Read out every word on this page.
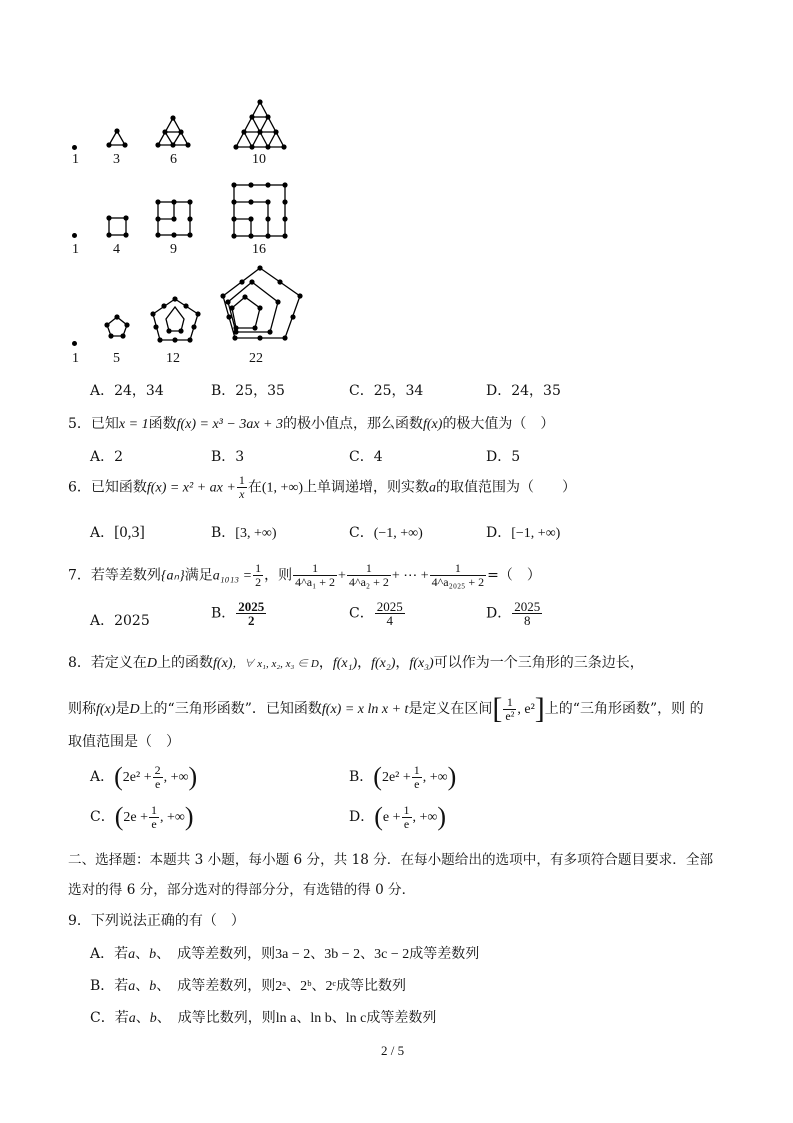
1 3	6	10
1 4	9	16
1 5	12	22
A．24，34	B．25，35	C．25，34	D．24，35
5．已知x = 1函数f(x) = x³ − 3ax + 3的极小值点，那么函数f(x)的极大值为（　）
A．2	B．3	C．4	D．5
6．已知函数f(x) = x² + ax + $\frac{1}{x}$ 在(1, +∞)上单调递增，则实数a的取值范围为（　　）
A．[0,3]	B．[3, +∞)	C．(−1, +∞)	D．[−1, +∞)
7．若等差数列{aₙ}满足$a_{1013} = \frac{1}{2}$ ，则 $\frac{1}{\text{4\textasciicircum{}a₁ + 2}} + \frac{1}{\text{4\textasciicircum{}a₂ + 2}}$ + ⋯ + $\frac{1}{\text{4\textasciicircum{}a₂₀₂₅ + 2}}$ =（　）
A．2025	B． $\frac{2025}{2}$	C． $\frac{2025}{4}$	D． $\frac{2025}{8}$
8．若定义在D上的函数f(x)，∀ x₁, x₂, x₃ ∈ D，f(x₁)，f(x₂)，f(x₃)可以作为一个三角形的三条边长，
则称f(x)是D上的“三角形函数”．已知函数f(x) = x ln x + t是定义在区间[ $\frac{1}{\text{e²}}$ , e²]上的“三角形函数”，则 的
取值范围是（　）
A．($2e^2 + \frac{2}{e}$ , +∞)	B．($2e^2 + \frac{1}{e}$ , +∞)
C．($2e + \frac{1}{e}$ , +∞)	D．($e + \frac{1}{e}$ , +∞)
二、选择题：本题共 3 小题，每小题 6 分，共 18 分．在每小题给出的选项中，有多项符合题目要求．全部
选对的得 6 分，部分选对的得部分分，有选错的得 0 分．
9．下列说法正确的有（　）
A．若a、b、　成等差数列，则3a − 2、3b − 2、3c − 2成等差数列
B．若a、b、　成等差数列，则2ᵃ、2ᵇ、2ᶜ成等比数列
C．若a、b、　成等比数列，则ln a、ln b、ln c成等差数列
2 / 5
